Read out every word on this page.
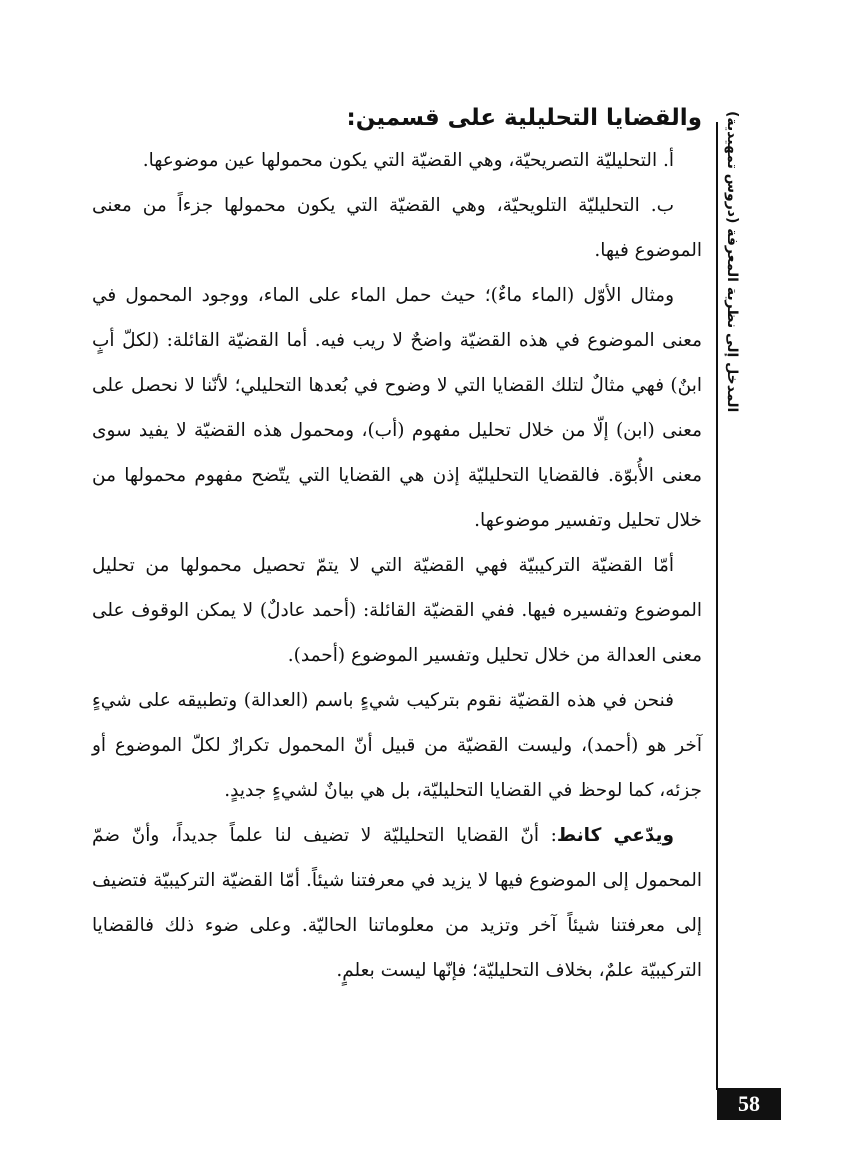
والقضايا التحليلية على قسمين:

أ. التحليليّة التصريحيّة، وهي القضيّة التي يكون محمولها عين موضوعها.

ب. التحليليّة التلويحيّة، وهي القضيّة التي يكون محمولها جزءاً من معنى الموضوع فيها.

ومثال الأوّل (الماء ماءٌ)؛ حيث حمل الماء على الماء، ووجود المحمول في معنى الموضوع في هذه القضيّة واضحٌ لا ريب فيه. أما القضيّة القائلة: (لكلّ أبٍ ابنٌ) فهي مثالٌ لتلك القضايا التي لا وضوح في بُعدها التحليلي؛ لأنّنا لا نحصل على معنى (ابن) إلّا من خلال تحليل مفهوم (أب)، ومحمول هذه القضيّة لا يفيد سوى معنى الأُبوّة. فالقضايا التحليليّة إذن هي القضايا التي يتّضح مفهوم محمولها من خلال تحليل وتفسير موضوعها.

أمّا القضيّة التركيبيّة فهي القضيّة التي لا يتمّ تحصيل محمولها من تحليل الموضوع وتفسيره فيها. ففي القضيّة القائلة: (أحمد عادلٌ) لا يمكن الوقوف على معنى العدالة من خلال تحليل وتفسير الموضوع (أحمد).

فنحن في هذه القضيّة نقوم بتركيب شيءٍ باسم (العدالة) وتطبيقه على شيءٍ آخر هو (أحمد)، وليست القضيّة من قبيل أنّ المحمول تكرارٌ لكلّ الموضوع أو جزئه، كما لوحظ في القضايا التحليليّة، بل هي بيانٌ لشيءٍ جديدٍ.

ويدّعي كانط: أنّ القضايا التحليليّة لا تضيف لنا علماً جديداً، وأنّ ضمّ المحمول إلى الموضوع فيها لا يزيد في معرفتنا شيئاً. أمّا القضيّة التركيبيّة فتضيف إلى معرفتنا شيئاً آخر وتزيد من معلوماتنا الحاليّة. وعلى ضوء ذلك فالقضايا التركيبيّة علمٌ، بخلاف التحليليّة؛ فإنّها ليست بعلمٍ.

المدخل إلى نظرية المعرفة (دروس تمهيدية)
58
